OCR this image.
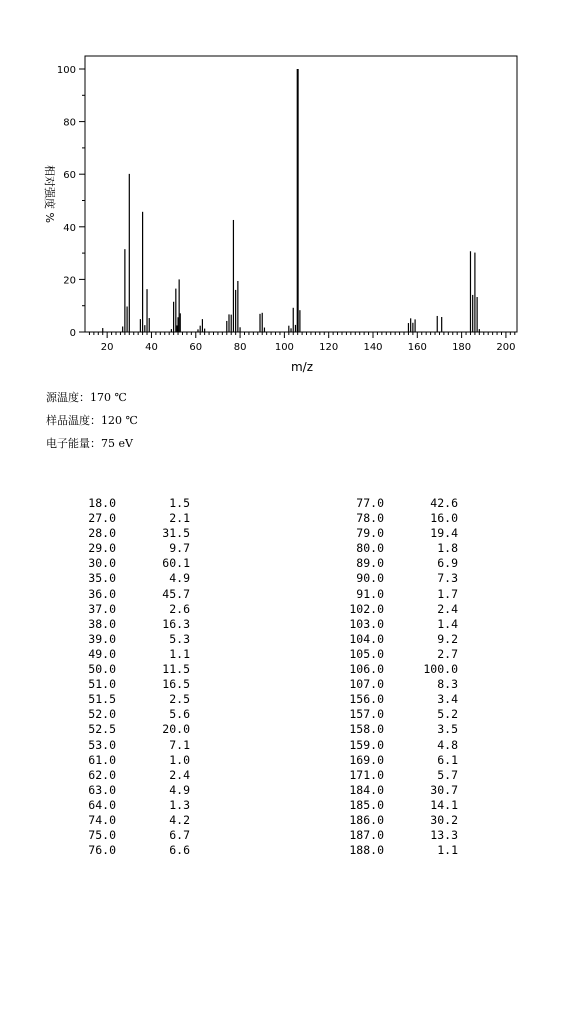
0
20
40
60
80
100
20	40	60	80	100	120	140	160	180	200
m/z
相对强度 %
源温度：170 ℃
样品温度：120 ℃
电子能量：75 eV
18.0	1.5
27.0	2.1
28.0	31.5
29.0	9.7
30.0	60.1
35.0	4.9
36.0	45.7
37.0	2.6
38.0	16.3
39.0	5.3
49.0	1.1
50.0	11.5
51.0	16.5
51.5	2.5
52.0	5.6
52.5	20.0
53.0	7.1
61.0	1.0
62.0	2.4
63.0	4.9
64.0	1.3
74.0	4.2
75.0	6.7
76.0	6.6
77.0	42.6
78.0	16.0
79.0	19.4
80.0	1.8
89.0	6.9
90.0	7.3
91.0	1.7
102.0	2.4
103.0	1.4
104.0	9.2
105.0	2.7
106.0	100.0
107.0	8.3
156.0	3.4
157.0	5.2
158.0	3.5
159.0	4.8
169.0	6.1
171.0	5.7
184.0	30.7
185.0	14.1
186.0	30.2
187.0	13.3
188.0	1.1
